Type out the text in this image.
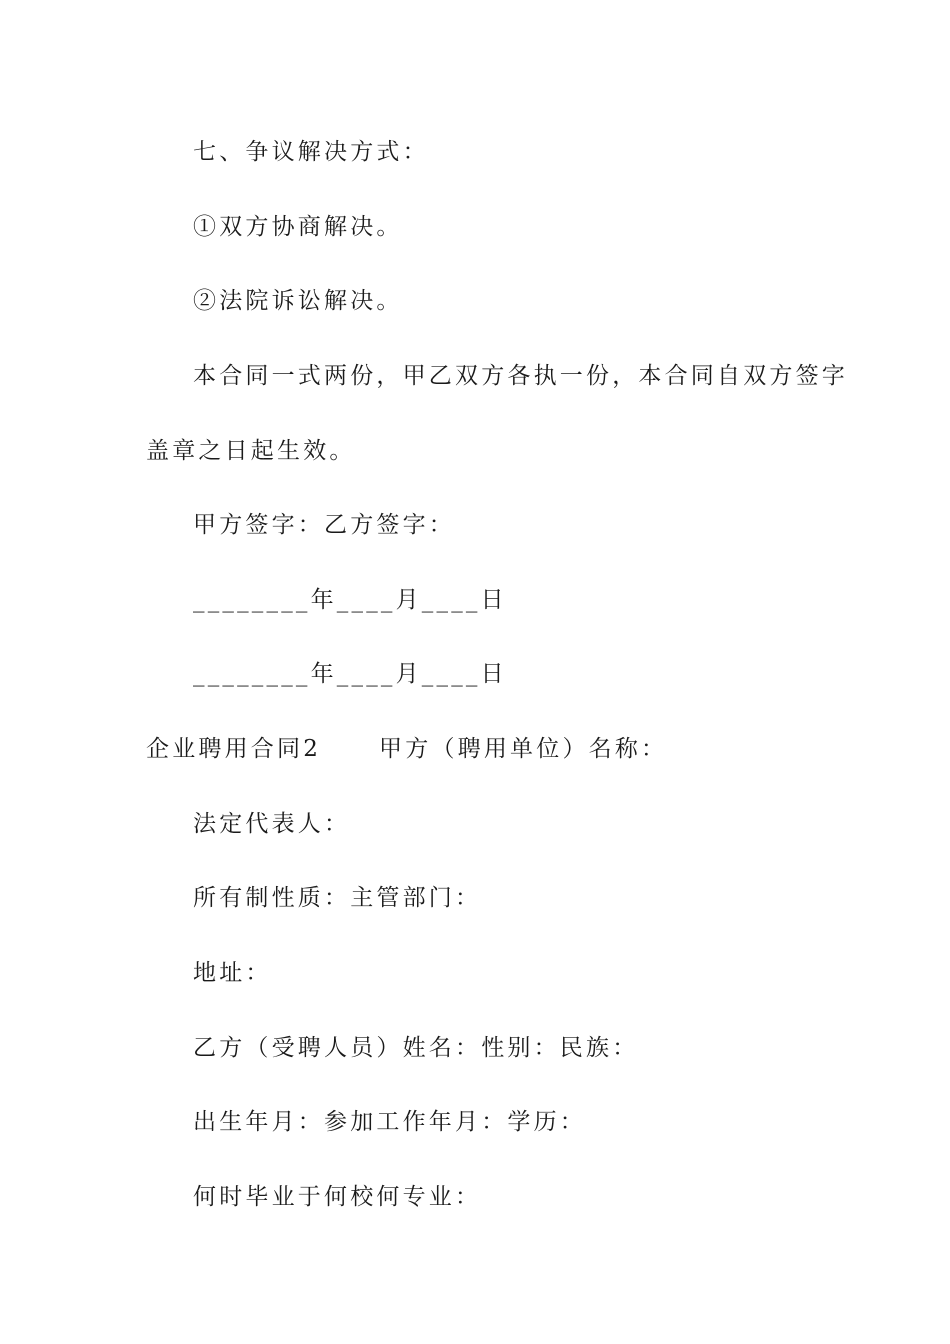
七、争议解决方式：
①双方协商解决。
②法院诉讼解决。
本合同一式两份，甲乙双方各执一份，本合同自双方签字
盖章之日起生效。
甲方签字：乙方签字：
________年____月____日
________年____月____日
企业聘用合同2	甲方（聘用单位）名称：
法定代表人：
所有制性质：主管部门：
地址：
乙方（受聘人员）姓名：性别：民族：
出生年月：参加工作年月：学历：
何时毕业于何校何专业：
